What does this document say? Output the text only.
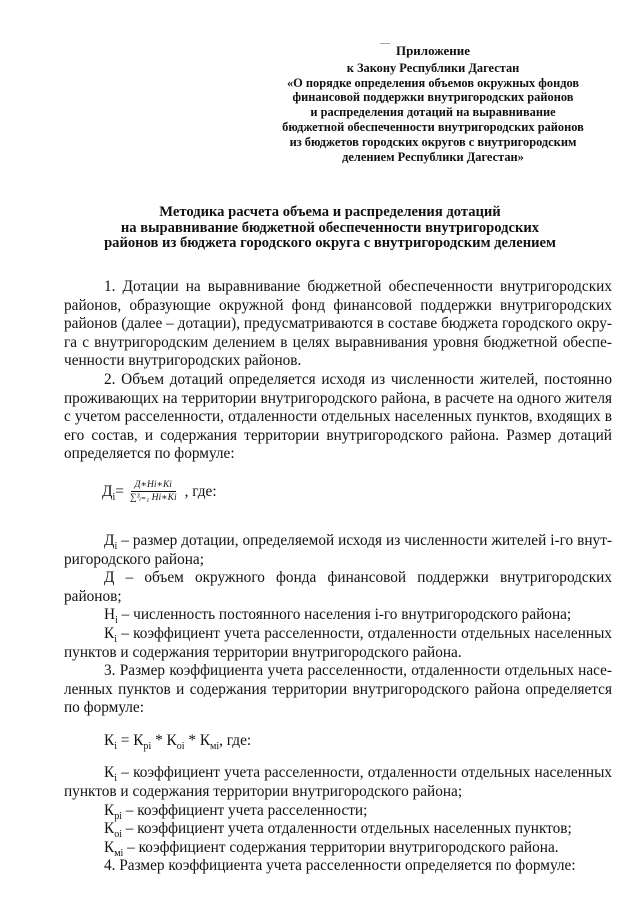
Приложение
к Закону Республики Дагестан
«О порядке определения объемов окружных фондов
финансовой поддержки внутригородских районов
и распределения дотаций на выравнивание
бюджетной обеспеченности внутригородских районов
из бюджетов городских округов с внутригородским
делением Республики Дагестан»
Методика расчета объема и распределения дотаций
на выравнивание бюджетной обеспеченности внутригородских
районов из бюджета городского округа с внутригородским делением

1. Дотации на выравнивание бюджетной обеспеченности внутригородских

районов, образующие окружной фонд финансовой поддержки внутригородских
районов (далее – дотации), предусматриваются в составе бюджета городского окру-
га с внутригородским делением в целях выравнивания уровня бюджетной обеспе-
ченности внутригородских районов.

2. Объем дотаций определяется исходя из численности жителей, постоянно

проживающих на территории внутригородского района, в расчете на одного жителя
с учетом расселенности, отдаленности отдельных населенных пунктов, входящих в
его состав, и содержания территории внутригородского района. Размер дотаций
определяется по формуле:

$Д_i = \frac{Д∗Hi∗Ki}{\text{∑³ᵢ₌₁ Hi∗Ki}}$ , где:

$Д_i$ – размер дотации, определяемой исходя из численности жителей i-го внут-

ригородского района;

Д – объем окружного фонда финансовой поддержки внутригородских

районов;

$Н_i$ – численность постоянного населения i-го внутригородского района;

$К_i$ – коэффициент учета расселенности, отдаленности отдельных населенных

пунктов и содержания территории внутригородского района.

3. Размер коэффициента учета расселенности, отдаленности отдельных насе-

ленных пунктов и содержания территории внутригородского района определяется
по формуле:

$К_i = К_{рi} * К_{оi} * К_{мi}$, где:

$К_i$ – коэффициент учета расселенности, отдаленности отдельных населенных

пунктов и содержания территории внутригородского района;

$К_{рi}$ – коэффициент учета расселенности;

$К_{оi}$ – коэффициент учета отдаленности отдельных населенных пунктов;

$К_{мi}$ – коэффициент содержания территории внутригородского района.

4. Размер коэффициента учета расселенности определяется по формуле:

—
